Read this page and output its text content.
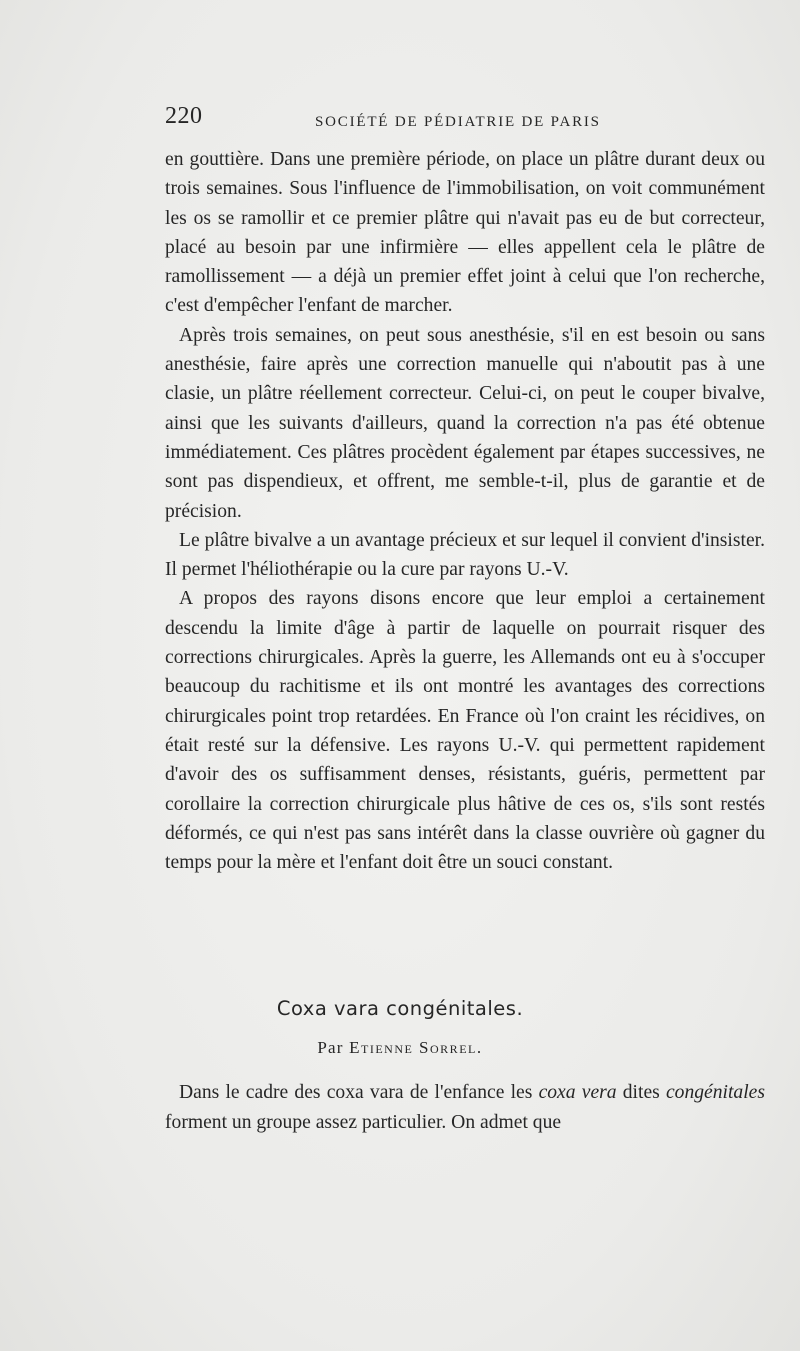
220	SOCIÉTÉ DE PÉDIATRIE DE PARIS

en gouttière. Dans une première période, on place un plâtre durant deux ou trois semaines. Sous l'influence de l'immobilisation, on voit communément les os se ramollir et ce premier plâtre qui n'avait pas eu de but correcteur, placé au besoin par une infirmière — elles appellent cela le plâtre de ramollissement — a déjà un premier effet joint à celui que l'on recherche, c'est d'empêcher l'enfant de marcher.

Après trois semaines, on peut sous anesthésie, s'il en est besoin ou sans anesthésie, faire après une correction manuelle qui n'aboutit pas à une clasie, un plâtre réellement correcteur. Celui-ci, on peut le couper bivalve, ainsi que les suivants d'ailleurs, quand la correction n'a pas été obtenue immédiatement. Ces plâtres procèdent également par étapes successives, ne sont pas dispendieux, et offrent, me semble-t-il, plus de garantie et de précision.

Le plâtre bivalve a un avantage précieux et sur lequel il convient d'insister. Il permet l'héliothérapie ou la cure par rayons U.-V.

A propos des rayons disons encore que leur emploi a certainement descendu la limite d'âge à partir de laquelle on pourrait risquer des corrections chirurgicales. Après la guerre, les Allemands ont eu à s'occuper beaucoup du rachitisme et ils ont montré les avantages des corrections chirurgicales point trop retardées. En France où l'on craint les récidives, on était resté sur la défensive. Les rayons U.-V. qui permettent rapidement d'avoir des os suffisamment denses, résistants, guéris, permettent par corollaire la correction chirurgicale plus hâtive de ces os, s'ils sont restés déformés, ce qui n'est pas sans intérêt dans la classe ouvrière où gagner du temps pour la mère et l'enfant doit être un souci constant.

Coxa vara congénitales.
Par Etienne Sorrel.

Dans le cadre des coxa vara de l'enfance les coxa vera dites congénitales forment un groupe assez particulier. On admet que
